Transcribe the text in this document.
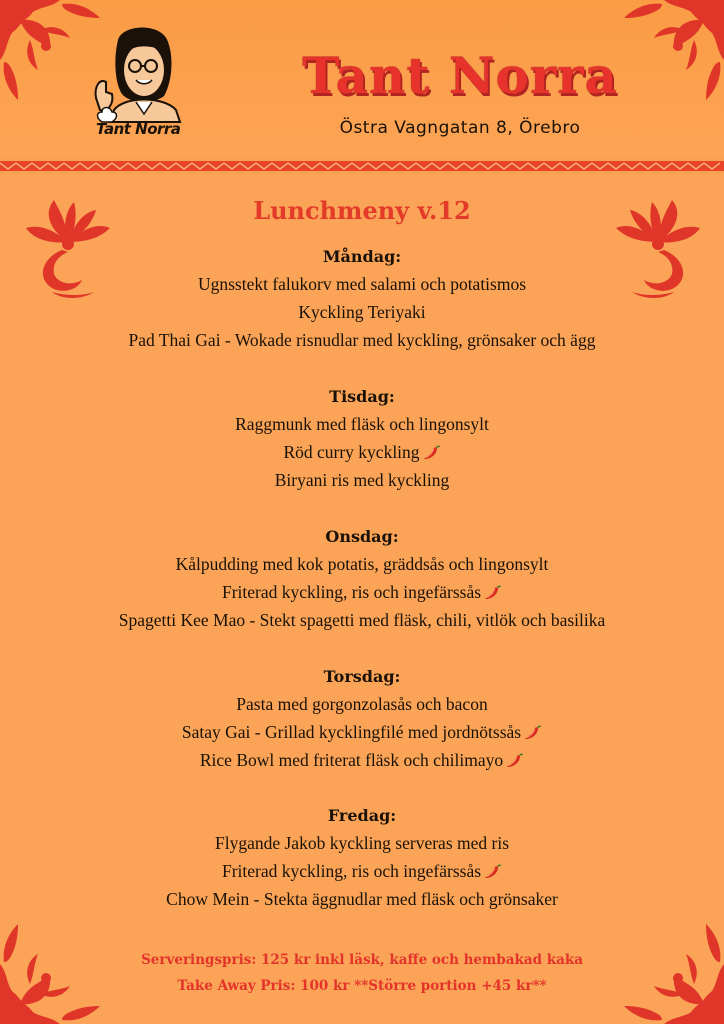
Tant Norra
Tant Norra
Östra Vagngatan 8, Örebro
Lunchmeny v.12
Måndag:
Ugnsstekt falukorv med salami och potatismos
Kyckling Teriyaki
Pad Thai Gai - Wokade risnudlar med kyckling, grönsaker och ägg
Tisdag:
Raggmunk med fläsk och lingonsylt
Röd curry kyckling
Biryani ris med kyckling
Onsdag:
Kålpudding med kok potatis, gräddsås och lingonsylt
Friterad kyckling, ris och ingefärssås
Spagetti Kee Mao - Stekt spagetti med fläsk, chili, vitlök och basilika
Torsdag:
Pasta med gorgonzolasås och bacon
Satay Gai - Grillad kycklingfilé med jordnötssås
Rice Bowl med friterat fläsk och chilimayo
Fredag:
Flygande Jakob kyckling serveras med ris
Friterad kyckling, ris och ingefärssås
Chow Mein - Stekta äggnudlar med fläsk och grönsaker
Serveringspris: 125 kr inkl läsk, kaffe och hembakad kaka
Take Away Pris: 100 kr **Större portion +45 kr**
